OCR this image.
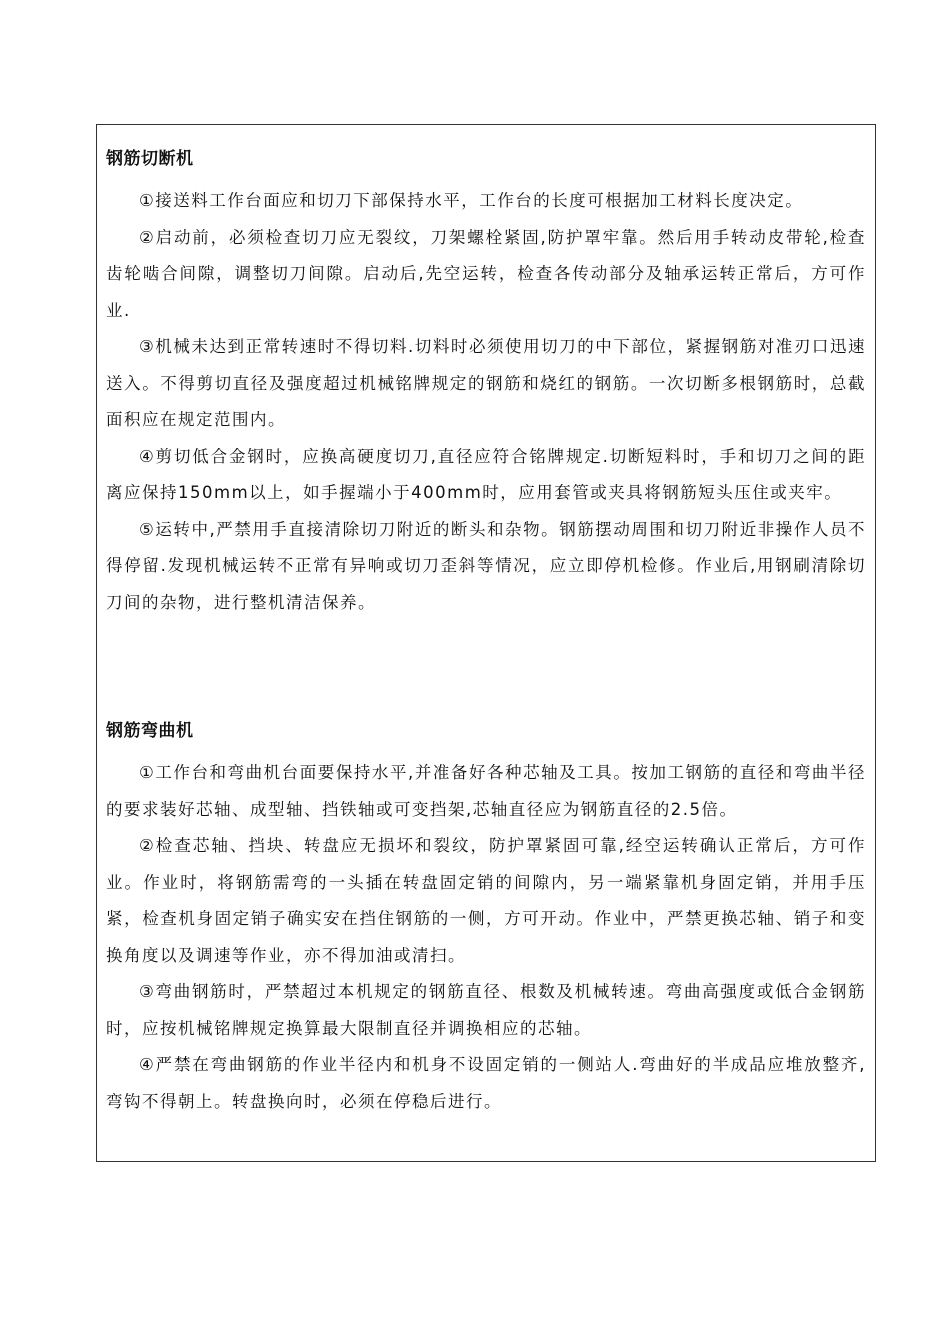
钢筋切断机

①接送料工作台面应和切刀下部保持水平，工作台的长度可根据加工材料长度决定。

②启动前，必须检查切刀应无裂纹，刀架螺栓紧固,防护罩牢靠。然后用手转动皮带轮,检查齿轮啮合间隙，调整切刀间隙。启动后,先空运转，检查各传动部分及轴承运转正常后，方可作业.

③机械未达到正常转速时不得切料.切料时必须使用切刀的中下部位，紧握钢筋对准刃口迅速送入。不得剪切直径及强度超过机械铭牌规定的钢筋和烧红的钢筋。一次切断多根钢筋时，总截面积应在规定范围内。

④剪切低合金钢时，应换高硬度切刀,直径应符合铭牌规定.切断短料时，手和切刀之间的距离应保持150mm以上，如手握端小于400mm时，应用套管或夹具将钢筋短头压住或夹牢。

⑤运转中,严禁用手直接清除切刀附近的断头和杂物。钢筋摆动周围和切刀附近非操作人员不得停留.发现机械运转不正常有异响或切刀歪斜等情况，应立即停机检修。作业后,用钢刷清除切刀间的杂物，进行整机清洁保养。

钢筋弯曲机

①工作台和弯曲机台面要保持水平,并准备好各种芯轴及工具。按加工钢筋的直径和弯曲半径的要求装好芯轴、成型轴、挡铁轴或可变挡架,芯轴直径应为钢筋直径的2.5倍。

②检查芯轴、挡块、转盘应无损坏和裂纹，防护罩紧固可靠,经空运转确认正常后，方可作业。作业时，将钢筋需弯的一头插在转盘固定销的间隙内，另一端紧靠机身固定销，并用手压紧，检查机身固定销子确实安在挡住钢筋的一侧，方可开动。作业中，严禁更换芯轴、销子和变换角度以及调速等作业，亦不得加油或清扫。

③弯曲钢筋时，严禁超过本机规定的钢筋直径、根数及机械转速。弯曲高强度或低合金钢筋时，应按机械铭牌规定换算最大限制直径并调换相应的芯轴。

④严禁在弯曲钢筋的作业半径内和机身不设固定销的一侧站人.弯曲好的半成品应堆放整齐,弯钩不得朝上。转盘换向时，必须在停稳后进行。
